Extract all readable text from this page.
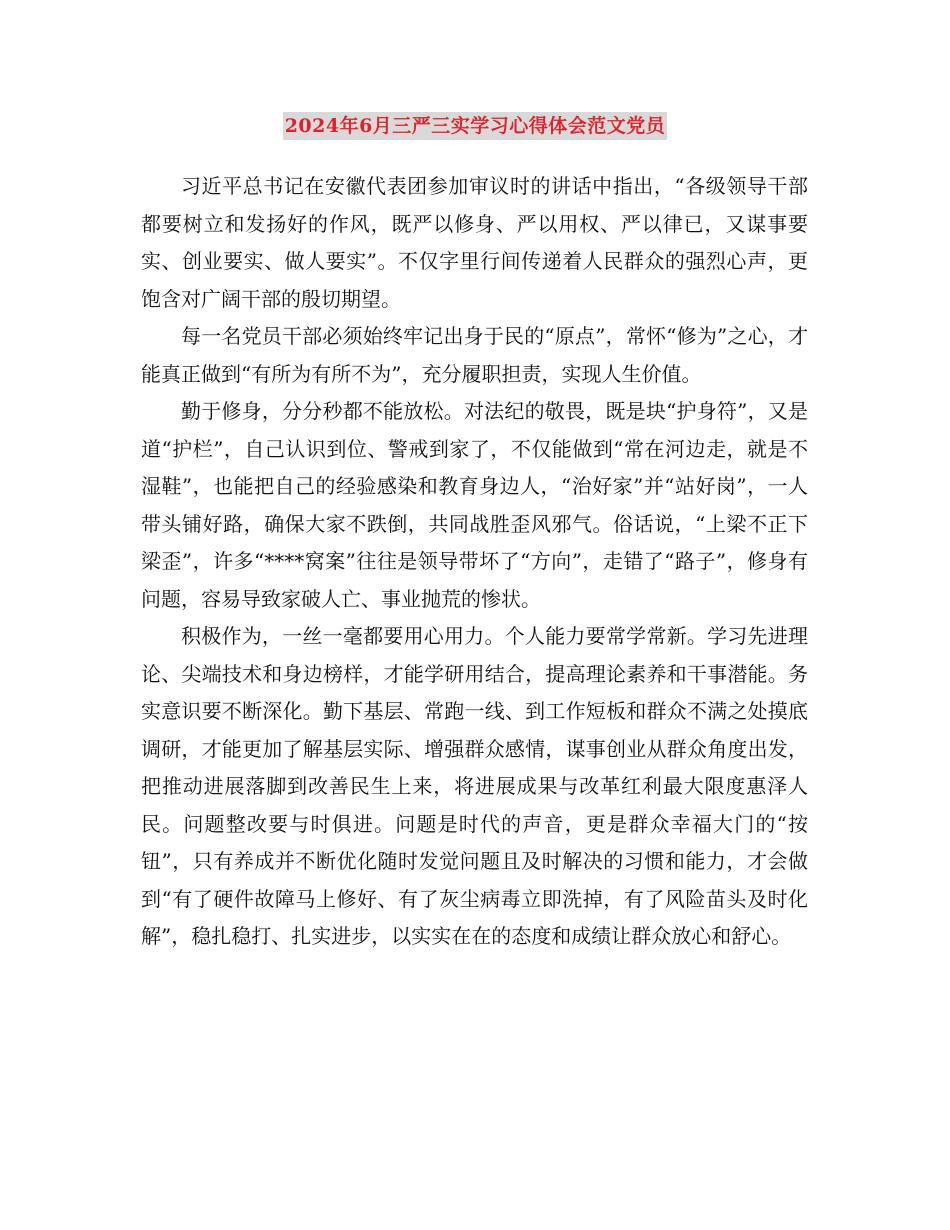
2024年6月三严三实学习心得体会范文党员

习近平总书记在安徽代表团参加审议时的讲话中指出，“各级领导干部都要树立和发扬好的作风，既严以修身、严以用权、严以律已，又谋事要实、创业要实、做人要实”。不仅字里行间传递着人民群众的强烈心声，更饱含对广阔干部的殷切期望。

每一名党员干部必须始终牢记出身于民的“原点”，常怀“修为”之心，才能真正做到“有所为有所不为”，充分履职担责，实现人生价值。

勤于修身，分分秒都不能放松。对法纪的敬畏，既是块“护身符”，又是道“护栏”，自己认识到位、警戒到家了，不仅能做到“常在河边走，就是不湿鞋”，也能把自己的经验感染和教育身边人，“治好家”并“站好岗”，一人带头铺好路，确保大家不跌倒，共同战胜歪风邪气。俗话说，“上梁不正下梁歪”，许多“****窝案”往往是领导带坏了“方向”，走错了“路子”，修身有问题，容易导致家破人亡、事业抛荒的惨状。

积极作为，一丝一毫都要用心用力。个人能力要常学常新。学习先进理论、尖端技术和身边榜样，才能学研用结合，提高理论素养和干事潜能。务实意识要不断深化。勤下基层、常跑一线、到工作短板和群众不满之处摸底调研，才能更加了解基层实际、增强群众感情，谋事创业从群众角度出发，把推动进展落脚到改善民生上来，将进展成果与改革红利最大限度惠泽人民。问题整改要与时俱进。问题是时代的声音，更是群众幸福大门的“按钮”，只有养成并不断优化随时发觉问题且及时解决的习惯和能力，才会做到“有了硬件故障马上修好、有了灰尘病毒立即洗掉，有了风险苗头及时化解”，稳扎稳打、扎实进步，以实实在在的态度和成绩让群众放心和舒心。
